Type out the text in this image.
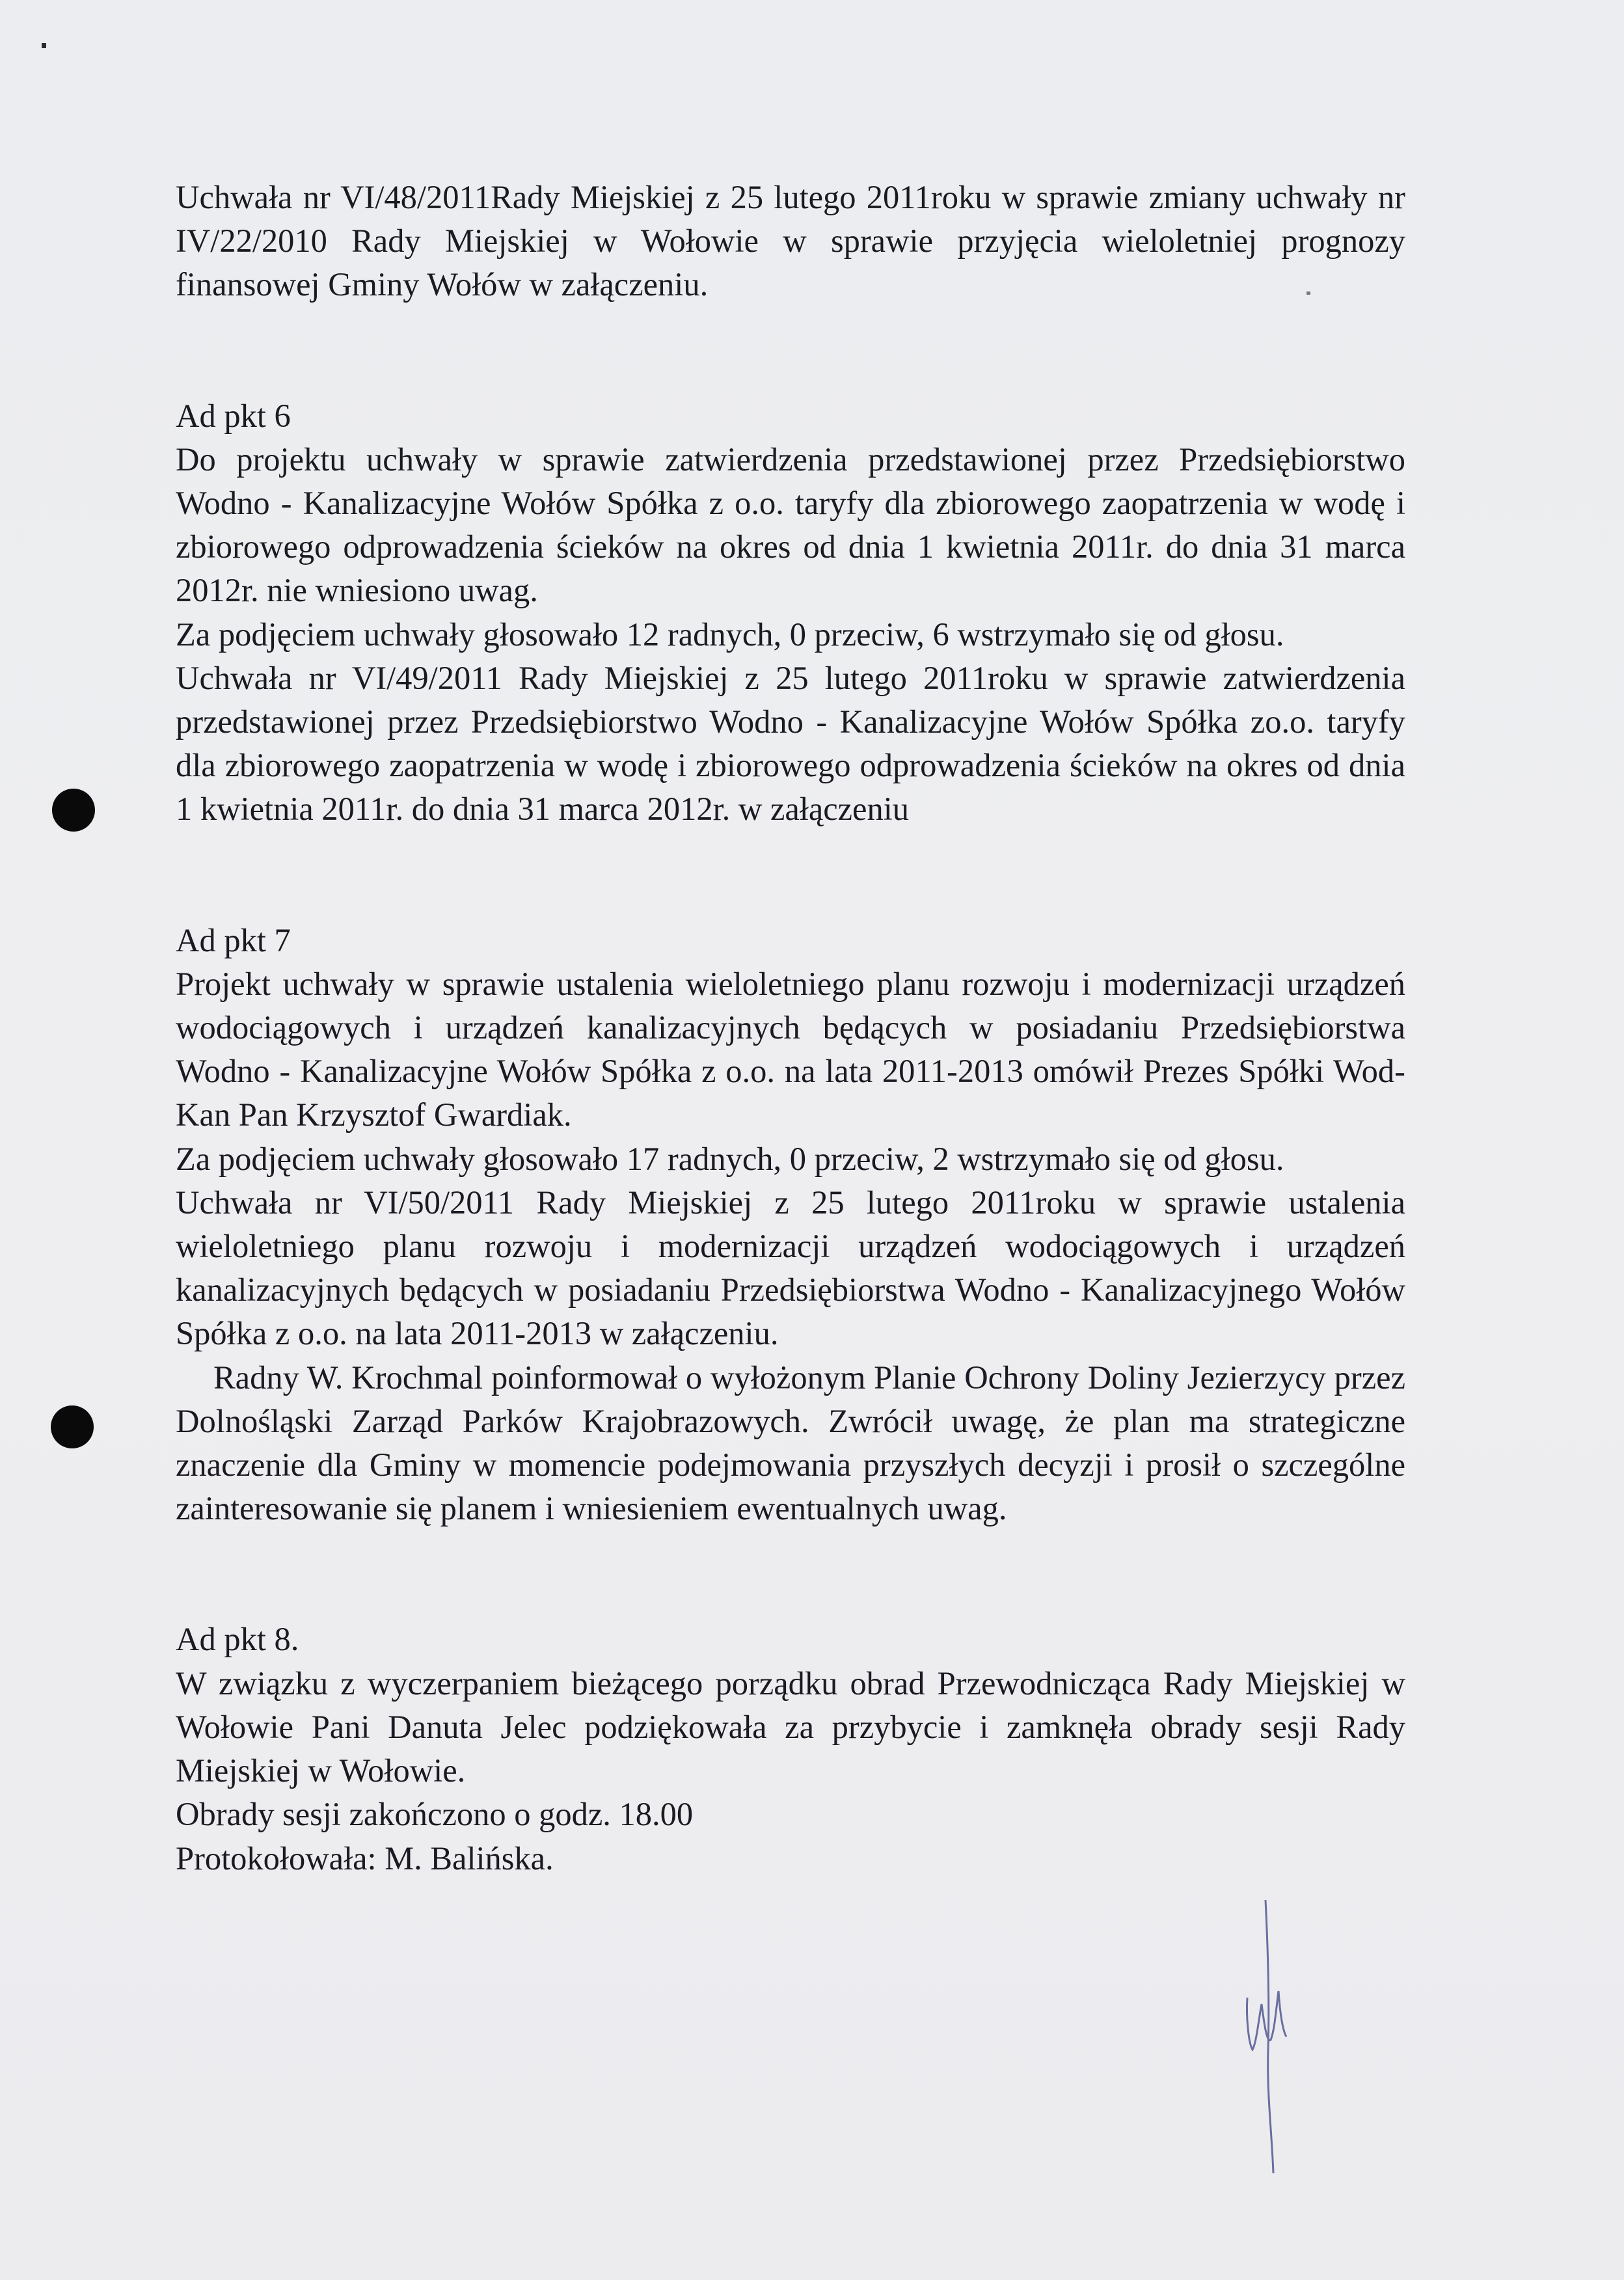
Uchwała nr VI/48/2011Rady Miejskiej z 25 lutego 2011roku w sprawie zmiany uchwały nr IV/22/2010 Rady Miejskiej w Wołowie w sprawie przyjęcia wieloletniej prognozy finansowej Gminy Wołów w załączeniu.

Ad pkt 6

Do projektu uchwały w sprawie zatwierdzenia przedstawionej przez Przedsiębiorstwo Wodno - Kanalizacyjne Wołów Spółka z o.o. taryfy dla zbiorowego zaopatrzenia w wodę i zbiorowego odprowadzenia ścieków na okres od dnia 1 kwietnia 2011r. do dnia 31 marca 2012r. nie wniesiono uwag.

Za podjęciem uchwały głosowało 12 radnych, 0 przeciw, 6 wstrzymało się od głosu.

Uchwała nr VI/49/2011 Rady Miejskiej z 25 lutego 2011roku w sprawie zatwierdzenia przedstawionej przez Przedsiębiorstwo Wodno - Kanalizacyjne Wołów Spółka zo.o. taryfy dla zbiorowego zaopatrzenia w wodę i zbiorowego odprowadzenia ścieków na okres od dnia 1 kwietnia 2011r. do dnia 31 marca 2012r. w załączeniu

Ad pkt 7

Projekt uchwały w sprawie ustalenia wieloletniego planu rozwoju i modernizacji urządzeń wodociągowych i urządzeń kanalizacyjnych będących w posiadaniu Przedsiębiorstwa Wodno - Kanalizacyjne Wołów Spółka z o.o. na lata 2011-2013 omówił Prezes Spółki Wod- Kan Pan Krzysztof Gwardiak.

Za podjęciem uchwały głosowało 17 radnych, 0 przeciw, 2 wstrzymało się od głosu.

Uchwała nr VI/50/2011 Rady Miejskiej z 25 lutego 2011roku w sprawie ustalenia wieloletniego planu rozwoju i modernizacji urządzeń wodociągowych i urządzeń kanalizacyjnych będących w posiadaniu Przedsiębiorstwa Wodno - Kanalizacyjnego Wołów Spółka z o.o. na lata 2011-2013 w załączeniu.

Radny W. Krochmal poinformował o wyłożonym Planie Ochrony Doliny Jezierzycy przez Dolnośląski Zarząd Parków Krajobrazowych. Zwrócił uwagę, że plan ma strategiczne znaczenie dla Gminy w momencie podejmowania przyszłych decyzji i prosił o szczególne zainteresowanie się planem i wniesieniem ewentualnych uwag.

Ad pkt 8.

W związku z wyczerpaniem bieżącego porządku obrad Przewodnicząca Rady Miejskiej w Wołowie Pani Danuta Jelec podziękowała za przybycie i zamknęła obrady sesji Rady Miejskiej w Wołowie.

Obrady sesji zakończono o godz. 18.00

Protokołowała: M. Balińska.
